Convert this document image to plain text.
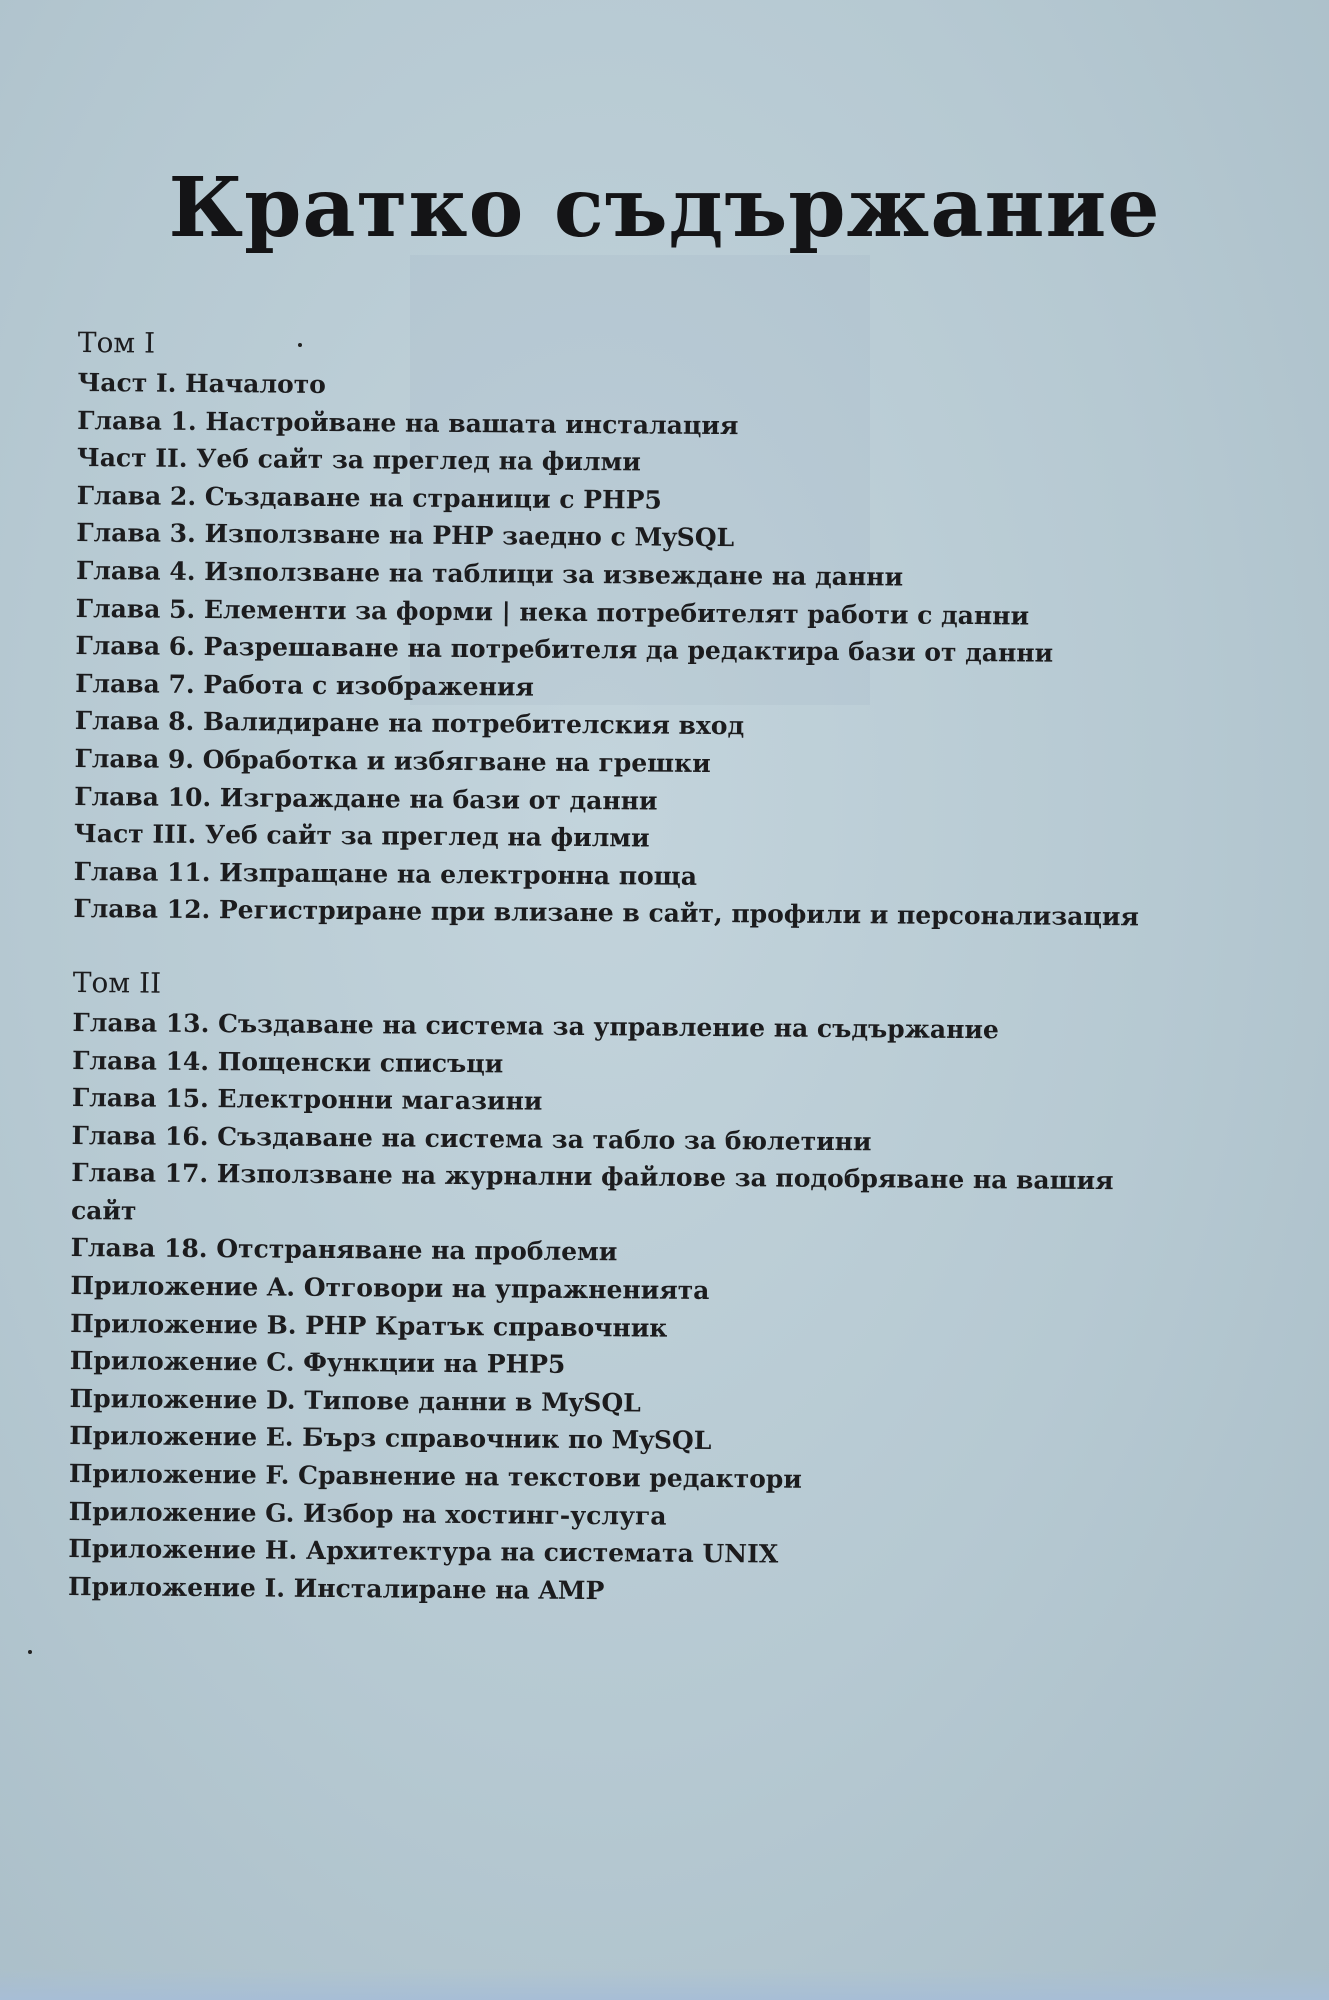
Кратко съдържание
Том I
Част I. Началото
Глава 1. Настройване на вашата инсталация
Част II. Уеб сайт за преглед на филми
Глава 2. Създаване на страници с PHP5
Глава 3. Използване на PHP заедно с MySQL
Глава 4. Използване на таблици за извеждане на данни
Глава 5. Елементи за форми | нека потребителят работи с данни
Глава 6. Разрешаване на потребителя да редактира бази от данни
Глава 7. Работа с изображения
Глава 8. Валидиране на потребителския вход
Глава 9. Обработка и избягване на грешки
Глава 10. Изграждане на бази от данни
Част III. Уеб сайт за преглед на филми
Глава 11. Изпращане на електронна поща
Глава 12. Регистриране при влизане в сайт, профили и персонализация
Том II
Глава 13. Създаване на система за управление на съдържание
Глава 14. Пощенски списъци
Глава 15. Електронни магазини
Глава 16. Създаване на система за табло за бюлетини
Глава 17. Използване на журнални файлове за подобряване на вашия сайт
Глава 18. Отстраняване на проблеми
Приложение A. Отговори на упражненията
Приложение B. PHP Кратък справочник
Приложение C. Функции на PHP5
Приложение D. Типове данни в MySQL
Приложение E. Бърз справочник по MySQL
Приложение F. Сравнение на текстови редактори
Приложение G. Избор на хостинг-услуга
Приложение H. Архитектура на системата UNIX
Приложение I. Инсталиране на AMP
